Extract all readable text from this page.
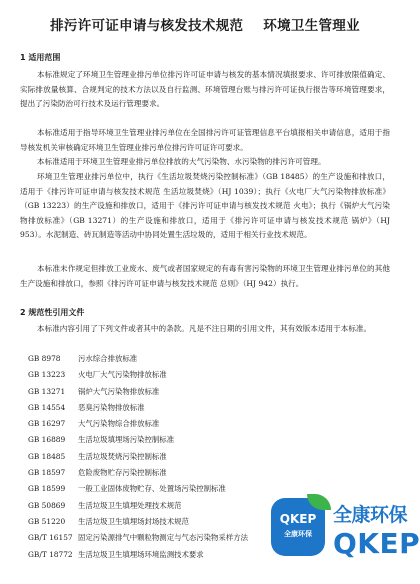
排污许可证申请与核发技术规范    环境卫生管理业
1 适用范围
本标准规定了环境卫生管理业排污单位排污许可证申请与核发的基本情况填报要求、许可排放限值确定、实际排放量核算、合规判定的技术方法以及自行监测、环境管理台账与排污许可证执行报告等环境管理要求，提出了污染防治可行技术及运行管理要求。
本标准适用于指导环境卫生管理业排污单位在全国排污许可证管理信息平台填报相关申请信息，适用于指导核发机关审核确定环境卫生管理业排污单位排污许可证许可要求。
本标准适用于环境卫生管理业排污单位排放的大气污染物、水污染物的排污许可管理。
环境卫生管理业排污单位中，执行《生活垃圾焚烧污染控制标准》（GB 18485）的生产设施和排放口，适用于《排污许可证申请与核发技术规范 生活垃圾焚烧》（HJ 1039）；执行《火电厂大气污染物排放标准》（GB 13223）的生产设施和排放口，适用于《排污许可证申请与核发技术规范 火电》；执行《锅炉大气污染物排放标准》（GB 13271）的生产设施和排放口，适用于《排污许可证申请与核发技术规范 锅炉》（HJ 953）。水泥制造、砖瓦制造等活动中协同处置生活垃圾的，适用于相关行业技术规范。
本标准未作规定但排放工业废水、废气或者国家规定的有毒有害污染物的环境卫生管理业排污单位的其他生产设施和排放口，参照《排污许可证申请与核发技术规范 总则》（HJ 942）执行。
2 规范性引用文件
本标准内容引用了下列文件或者其中的条款。凡是不注日期的引用文件，其有效版本适用于本标准。
GB 8978 污水综合排放标准
GB 13223 火电厂大气污染物排放标准
GB 13271 锅炉大气污染物排放标准
GB 14554 恶臭污染物排放标准
GB 16297 大气污染物综合排放标准
GB 16889 生活垃圾填埋场污染控制标准
GB 18485 生活垃圾焚烧污染控制标准
GB 18597 危险废物贮存污染控制标准
GB 18599 一般工业固体废物贮存、处置场污染控制标准
GB 50869 生活垃圾卫生填埋处理技术规范
GB 51220 生活垃圾卫生填埋场封场技术规范
GB/T 16157 固定污染源排气中颗粒物测定与气态污染物采样方法
GB/T 18772 生活垃圾卫生填埋场环境监测技术要求
QKEP
全康环保
全康环保
QKEP
